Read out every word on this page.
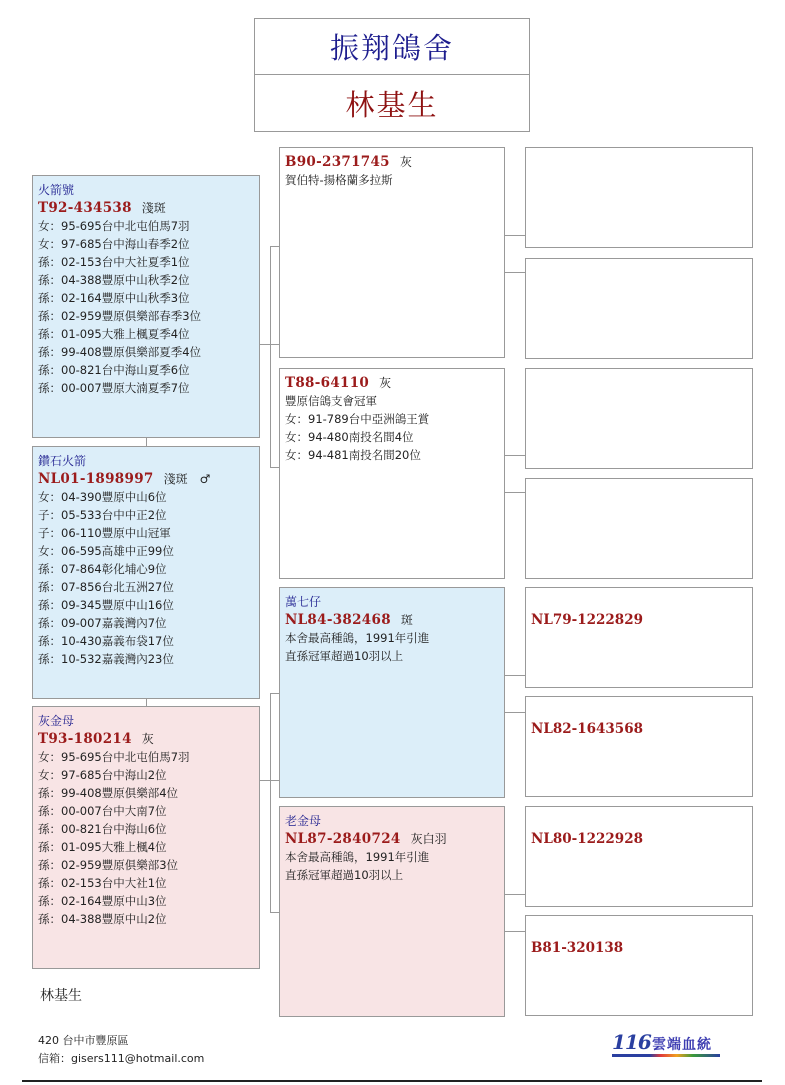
振翔鴿舍
林基生
火箭號
T92-434538 淺斑
女：95-695台中北屯伯馬7羽
女：97-685台中海山春季2位
孫：02-153台中大社夏季1位
孫：04-388豐原中山秋季2位
孫：02-164豐原中山秋季3位
孫：02-959豐原俱樂部春季3位
孫：01-095大雅上楓夏季4位
孫：99-408豐原俱樂部夏季4位
孫：00-821台中海山夏季6位
孫：00-007豐原大湳夏季7位
鑽石火箭
NL01-1898997 淺斑 ♂
女：04-390豐原中山6位
子：05-533台中中正2位
子：06-110豐原中山冠軍
女：06-595高雄中正99位
孫：07-864彰化埔心9位
孫：07-856台北五洲27位
孫：09-345豐原中山16位
孫：09-007嘉義灣內7位
孫：10-430嘉義布袋17位
孫：10-532嘉義灣內23位
灰金母
T93-180214 灰
女：95-695台中北屯伯馬7羽
女：97-685台中海山2位
孫：99-408豐原俱樂部4位
孫：00-007台中大南7位
孫：00-821台中海山6位
孫：01-095大雅上楓4位
孫：02-959豐原俱樂部3位
孫：02-153台中大社1位
孫：02-164豐原中山3位
孫：04-388豐原中山2位
B90-2371745 灰
賀伯特-揚格蘭多拉斯
T88-64110 灰
豐原信鴿支會冠軍
女：91-789台中亞洲鴿王賞
女：94-480南投名間4位
女：94-481南投名間20位
萬七仔
NL84-382468 斑
本舍最高種鴿，1991年引進
直孫冠軍超過10羽以上
老金母
NL87-2840724 灰白羽
本舍最高種鴿，1991年引進
直孫冠軍超過10羽以上
NL79-1222829
NL82-1643568
NL80-1222928
B81-320138
林基生
420 台中市豐原區
信箱：gisers111@hotmail.com
116 雲端血統
